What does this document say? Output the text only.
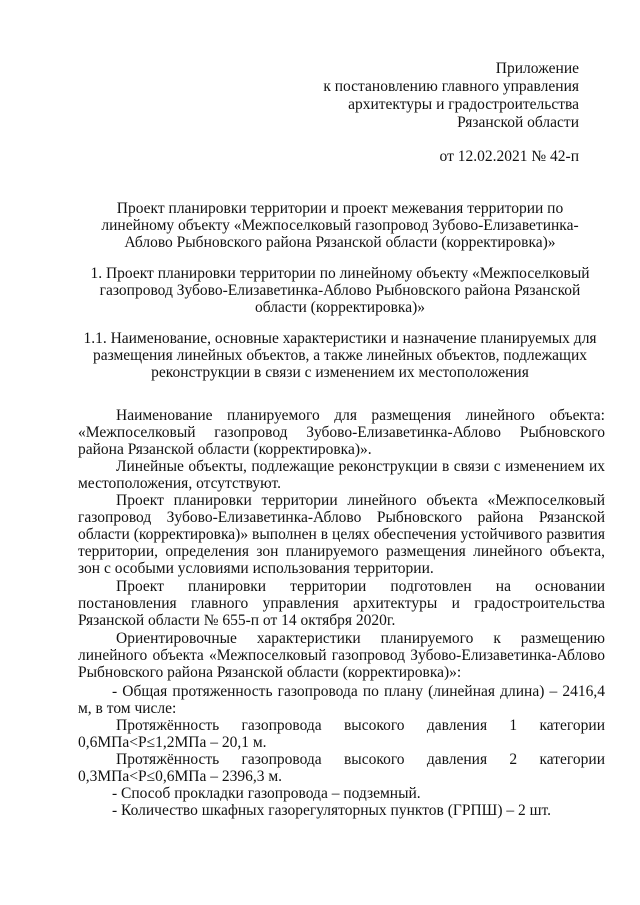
Приложение
к постановлению главного управления
архитектуры и градостроительства
Рязанской области
от 12.02.2021 № 42-п
Проект планировки территории и проект межевания территории по линейному объекту «Межпоселковый газопровод Зубово-Елизаветинка-Аблово Рыбновского района Рязанской области (корректировка)»
1. Проект планировки территории по линейному объекту «Межпоселковый газопровод Зубово-Елизаветинка-Аблово Рыбновского района Рязанской области (корректировка)»
1.1. Наименование, основные характеристики и назначение планируемых для размещения линейных объектов, а также линейных объектов, подлежащих реконструкции в связи с изменением их местоположения

Наименование планируемого для размещения линейного объекта: «Межпоселковый газопровод Зубово-Елизаветинка-Аблово Рыбновского района Рязанской области (корректировка)».

Линейные объекты, подлежащие реконструкции в связи с изменением их местоположения, отсутствуют.

Проект планировки территории линейного объекта «Межпоселковый газопровод Зубово-Елизаветинка-Аблово Рыбновского района Рязанской области (корректировка)» выполнен в целях обеспечения устойчивого развития территории, определения зон планируемого размещения линейного объекта, зон с особыми условиями использования территории.

Проект планировки территории подготовлен на основании постановления главного управления архитектуры и градостроительства Рязанской области № 655-п от 14 октября 2020г.

Ориентировочные характеристики планируемого к размещению линейного объекта «Межпоселковый газопровод Зубово-Елизаветинка-Аблово Рыбновского района Рязанской области (корректировка)»:

- Общая протяженность газопровода по плану (линейная длина) – 2416,4 м, в том числе:

Протяжённость газопровода высокого давления 1 категории 0,6МПа<Р≤1,2МПа – 20,1 м.

Протяжённость газопровода высокого давления 2 категории 0,3МПа<Р≤0,6МПа – 2396,3 м.

- Способ прокладки газопровода – подземный.

- Количество шкафных газорегуляторных пунктов (ГРПШ) – 2 шт.
